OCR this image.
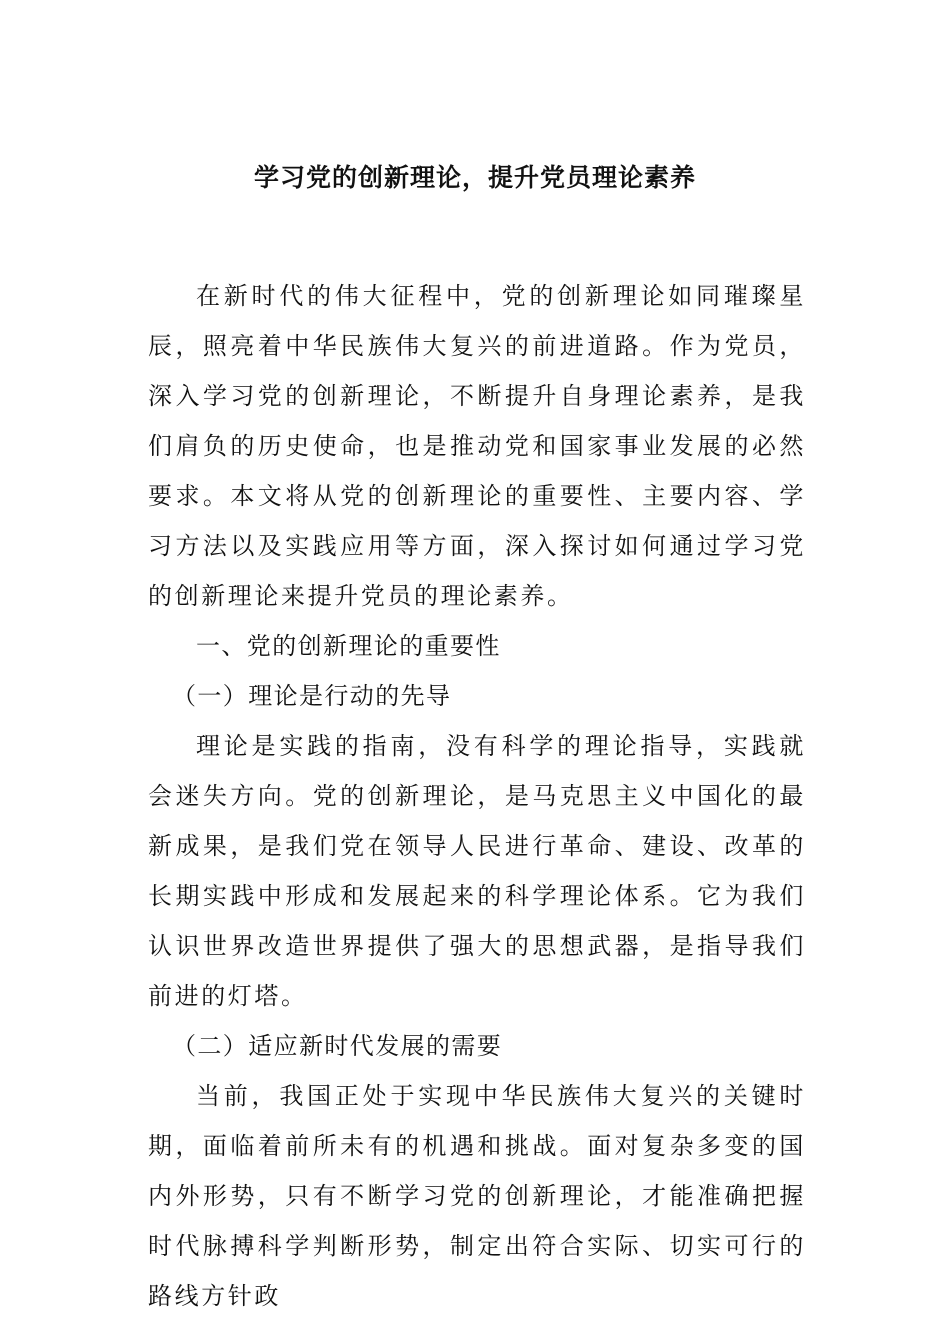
学习党的创新理论，提升党员理论素养

在新时代的伟大征程中，党的创新理论如同璀璨星辰，照亮着中华民族伟大复兴的前进道路。作为党员，深入学习党的创新理论，不断提升自身理论素养，是我们肩负的历史使命，也是推动党和国家事业发展的必然要求。本文将从党的创新理论的重要性、主要内容、学习方法以及实践应用等方面，深入探讨如何通过学习党的创新理论来提升党员的理论素养。

一、党的创新理论的重要性

（一）理论是行动的先导

理论是实践的指南，没有科学的理论指导，实践就会迷失方向。党的创新理论，是马克思主义中国化的最新成果，是我们党在领导人民进行革命、建设、改革的长期实践中形成和发展起来的科学理论体系。它为我们认识世界改造世界提供了强大的思想武器，是指导我们前进的灯塔。

（二）适应新时代发展的需要

当前，我国正处于实现中华民族伟大复兴的关键时期，面临着前所未有的机遇和挑战。面对复杂多变的国内外形势，只有不断学习党的创新理论，才能准确把握时代脉搏科学判断形势，制定出符合实际、切实可行的路线方针政
